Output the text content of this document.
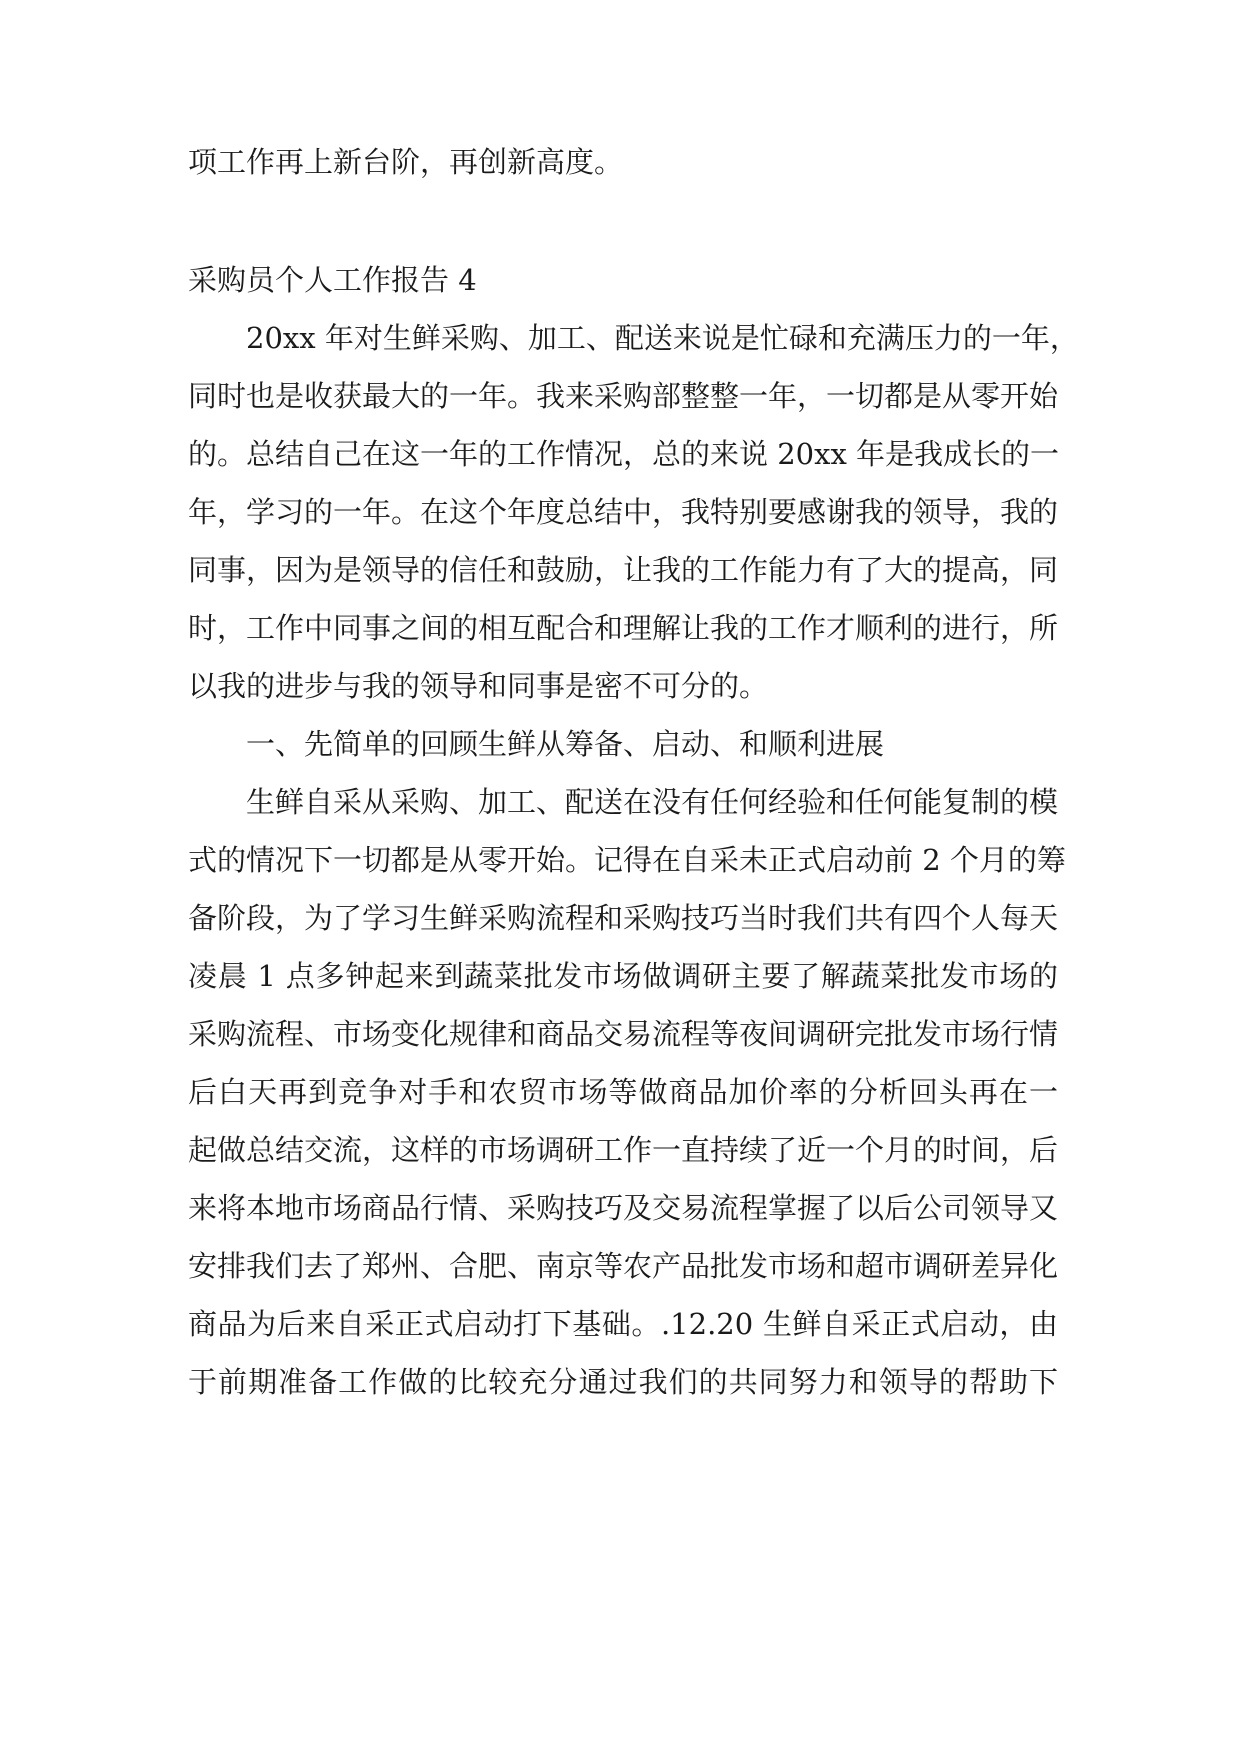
项工作再上新台阶，再创新高度。
采购员个人工作报告 4
20xx 年对生鲜采购、加工、配送来说是忙碌和充满压力的一年，
同时也是收获最大的一年。我来采购部整整一年，一切都是从零开始
的。总结自己在这一年的工作情况，总的来说 20xx 年是我成长的一
年，学习的一年。在这个年度总结中，我特别要感谢我的领导，我的
同事，因为是领导的信任和鼓励，让我的工作能力有了大的提高，同
时，工作中同事之间的相互配合和理解让我的工作才顺利的进行，所
以我的进步与我的领导和同事是密不可分的。
一、先简单的回顾生鲜从筹备、启动、和顺利进展
生鲜自采从采购、加工、配送在没有任何经验和任何能复制的模
式的情况下一切都是从零开始。记得在自采未正式启动前 2 个月的筹
备阶段，为了学习生鲜采购流程和采购技巧当时我们共有四个人每天
凌晨 1 点多钟起来到蔬菜批发市场做调研主要了解蔬菜批发市场的
采购流程、市场变化规律和商品交易流程等夜间调研完批发市场行情
后白天再到竞争对手和农贸市场等做商品加价率的分析回头再在一
起做总结交流，这样的市场调研工作一直持续了近一个月的时间，后
来将本地市场商品行情、采购技巧及交易流程掌握了以后公司领导又
安排我们去了郑州、合肥、南京等农产品批发市场和超市调研差异化
商品为后来自采正式启动打下基础。.12.20 生鲜自采正式启动，由
于前期准备工作做的比较充分通过我们的共同努力和领导的帮助下
